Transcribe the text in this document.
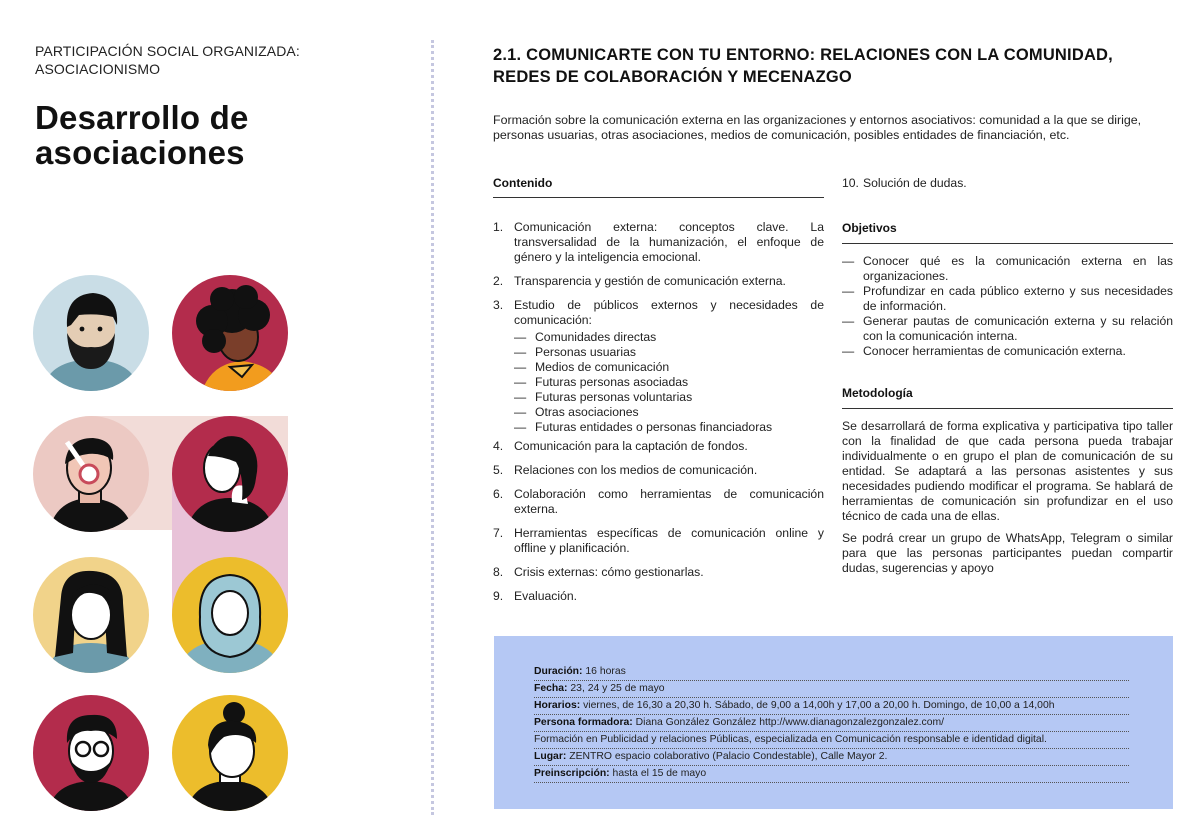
PARTICIPACIÓN SOCIAL ORGANIZADA:
ASOCIACIONISMO
Desarrollo de
asociaciones
2.1. COMUNICARTE CON TU ENTORNO: RELACIONES CON LA COMUNIDAD,
REDES DE COLABORACIÓN Y MECENAZGO
Formación sobre la comunicación externa en las organizaciones y entornos asociativos: comunidad a la que se dirige, personas usuarias, otras asociaciones, medios de comunicación, posibles entidades de financiación, etc.
Contenido
1. Comunicación externa: conceptos clave. La transversalidad de la humanización, el enfoque de género y la inteligencia emocional.
2. Transparencia y gestión de comunicación externa.
3. Estudio de públicos externos y necesidades de comunicación:
— Comunidades directas
— Personas usuarias
— Medios de comunicación
— Futuras personas asociadas
— Futuras personas voluntarias
— Otras asociaciones
— Futuras entidades o personas financiadoras
4. Comunicación para la captación de fondos.
5. Relaciones con los medios de comunicación.
6. Colaboración como herramientas de comunicación externa.
7. Herramientas específicas de comunicación online y offline y planificación.
8. Crisis externas: cómo gestionarlas.
9. Evaluación.
10. Solución de dudas.
Objetivos
— Conocer qué es la comunicación externa en las organizaciones.
— Profundizar en cada público externo y sus necesidades de información.
— Generar pautas de comunicación externa y su relación con la comunicación interna.
— Conocer herramientas de comunicación externa.
Metodología

Se desarrollará de forma explicativa y participativa tipo taller con la finalidad de que cada persona pueda trabajar individualmente o en grupo el plan de comunicación de su entidad. Se adaptará a las personas asistentes y sus necesidades pudiendo modificar el programa. Se hablará de herramientas de comunicación sin profundizar en el uso técnico de cada una de ellas.

Se podrá crear un grupo de WhatsApp, Telegram o similar para que las personas participantes puedan compartir dudas, sugerencias y apoyo

Duración: 16 horas
Fecha: 23, 24 y 25 de mayo
Horarios: viernes, de 16,30 a 20,30 h. Sábado, de 9,00 a 14,00h y 17,00 a 20,00 h. Domingo, de 10,00 a 14,00h
Persona formadora: Diana González González http://www.dianagonzalezgonzalez.com/
Formación en Publicidad y relaciones Públicas, especializada en Comunicación responsable e identidad digital.
Lugar: ZENTRO espacio colaborativo (Palacio Condestable), Calle Mayor 2.
Preinscripción: hasta el 15 de mayo
